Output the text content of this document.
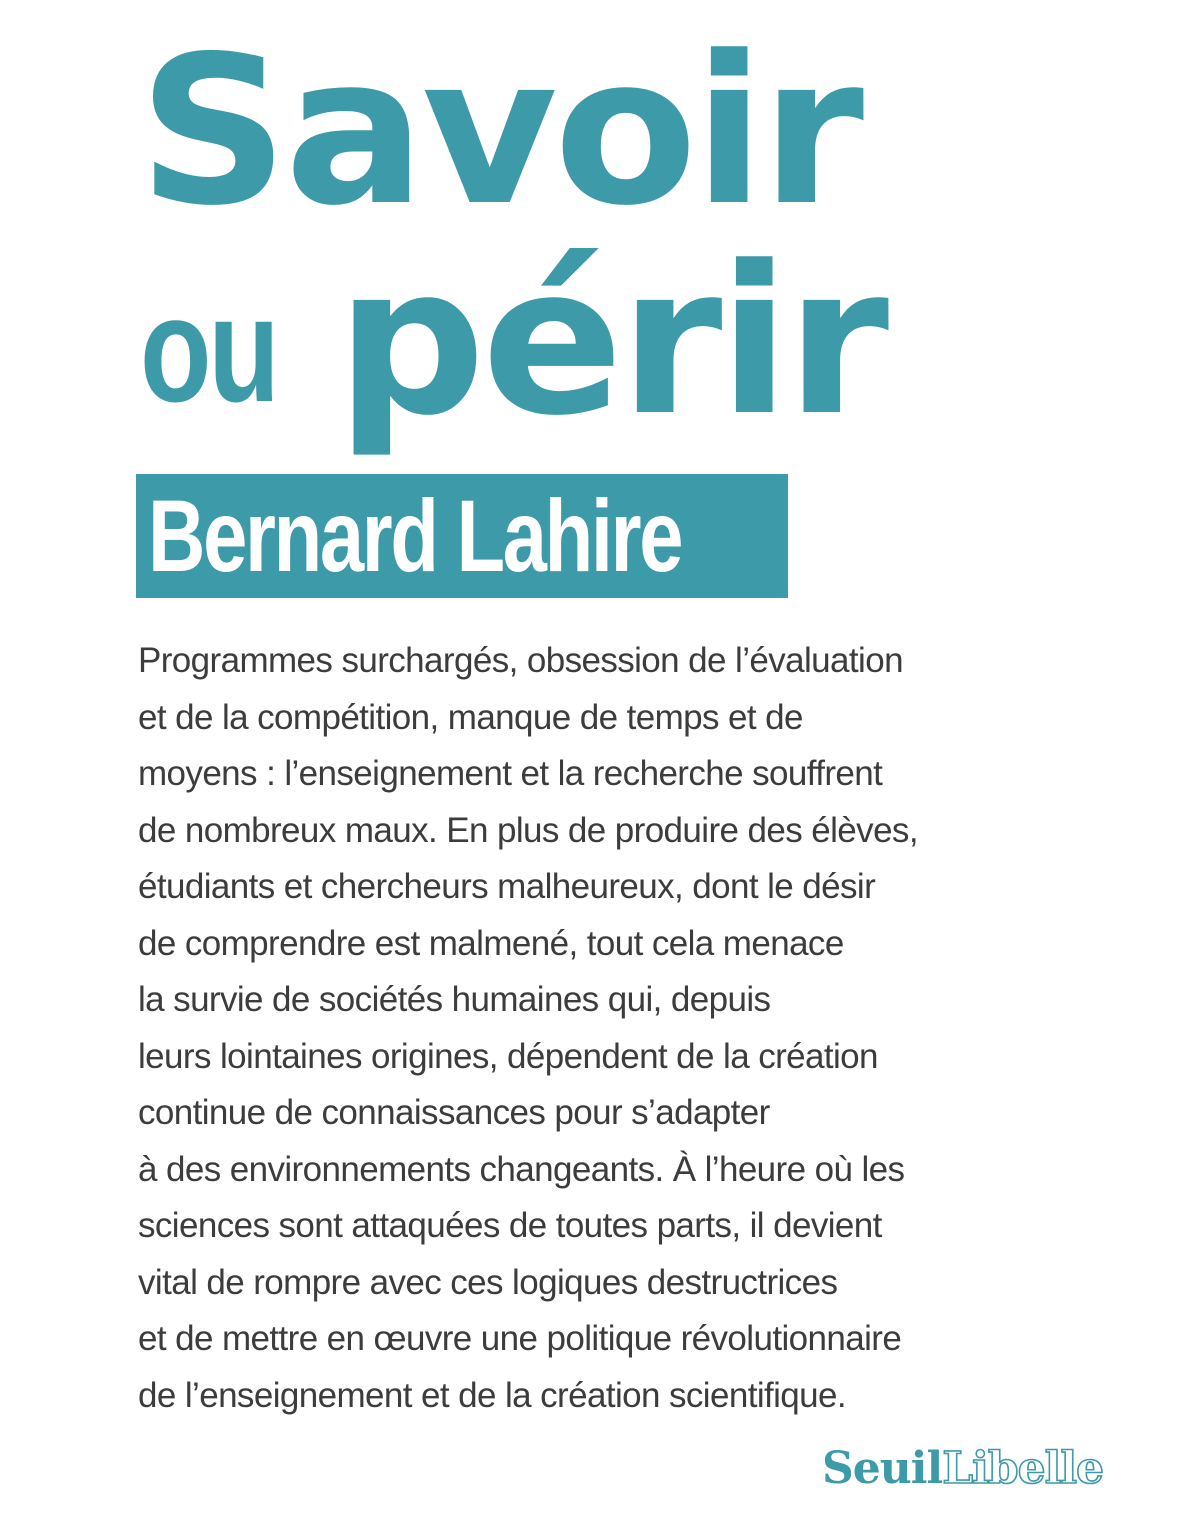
Savoir
ou périr
Bernard Lahire
Programmes surchargés, obsession de l’évaluation
et de la compétition, manque de temps et de
moyens : l’enseignement et la recherche souffrent
de nombreux maux. En plus de produire des élèves,
étudiants et chercheurs malheureux, dont le désir
de comprendre est malmené, tout cela menace
la survie de sociétés humaines qui, depuis
leurs lointaines origines, dépendent de la création
continue de connaissances pour s’adapter
à des environnements changeants. À l’heure où les
sciences sont attaquées de toutes parts, il devient
vital de rompre avec ces logiques destructrices
et de mettre en œuvre une politique révolutionnaire
de l’enseignement et de la création scientifique.
SeuilLibelle
